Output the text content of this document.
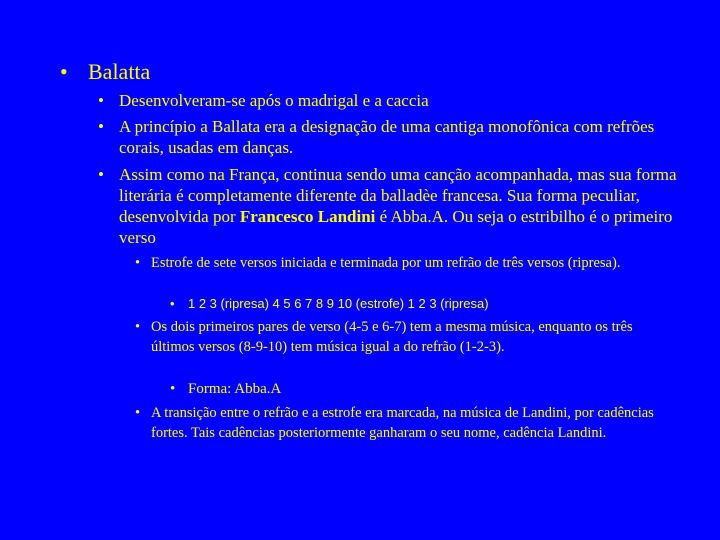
• Balatta
• Desenvolveram-se após o madrigal e a caccia
• A princípio a Ballata era a designação de uma cantiga monofônica com refrões corais, usadas em danças.
• Assim como na França, continua sendo uma canção acompanhada, mas sua forma literária é completamente diferente da balladèe francesa. Sua forma peculiar, desenvolvida por Francesco Landini é Abba.A. Ou seja o estribilho é o primeiro verso
• Estrofe de sete versos iniciada e terminada por um refrão de três versos (ripresa).
• 1 2 3 (ripresa) 4 5 6 7 8 9 10 (estrofe) 1 2 3 (ripresa)
• Os dois primeiros pares de verso (4-5 e 6-7) tem a mesma música, enquanto os três últimos versos (8-9-10) tem música igual a do refrão (1-2-3).
• Forma: Abba.A
• A transição entre o refrão e a estrofe era marcada, na música de Landini, por cadências fortes. Tais cadências posteriormente ganharam o seu nome, cadência Landini.
